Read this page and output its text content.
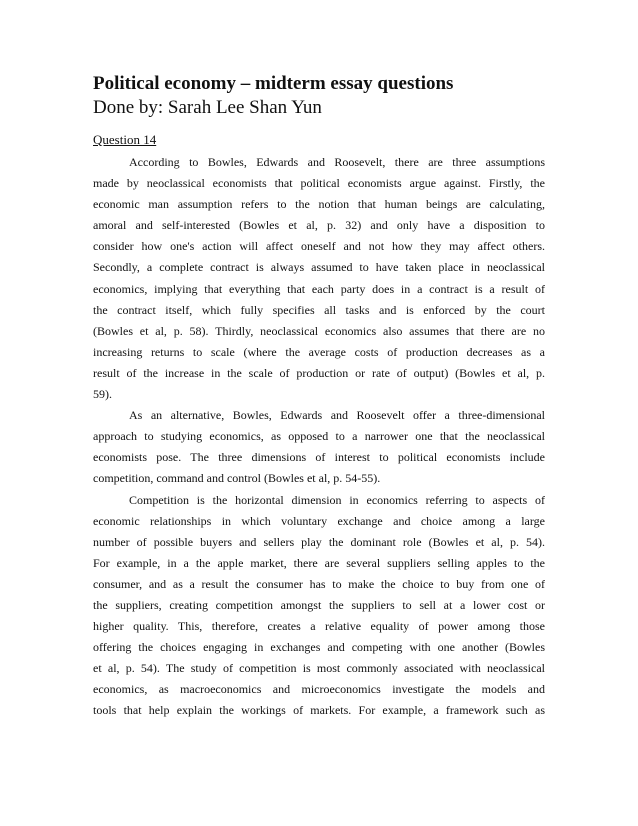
Political economy – midterm essay questions
Done by: Sarah Lee Shan Yun
Question 14
According to Bowles, Edwards and Roosevelt, there are three assumptions
made by neoclassical economists that political economists argue against. Firstly, the
economic man assumption refers to the notion that human beings are calculating,
amoral and self-interested (Bowles et al, p. 32) and only have a disposition to
consider how one's action will affect oneself and not how they may affect others.
Secondly, a complete contract is always assumed to have taken place in neoclassical
economics, implying that everything that each party does in a contract is a result of
the contract itself, which fully specifies all tasks and is enforced by the court
(Bowles et al, p. 58). Thirdly, neoclassical economics also assumes that there are no
increasing returns to scale (where the average costs of production decreases as a
result of the increase in the scale of production or rate of output) (Bowles et al, p.
59).
As an alternative, Bowles, Edwards and Roosevelt offer a three-dimensional
approach to studying economics, as opposed to a narrower one that the neoclassical
economists pose. The three dimensions of interest to political economists include
competition, command and control (Bowles et al, p. 54-55).
Competition is the horizontal dimension in economics referring to aspects of
economic relationships in which voluntary exchange and choice among a large
number of possible buyers and sellers play the dominant role (Bowles et al, p. 54).
For example, in a the apple market, there are several suppliers selling apples to the
consumer, and as a result the consumer has to make the choice to buy from one of
the suppliers, creating competition amongst the suppliers to sell at a lower cost or
higher quality. This, therefore, creates a relative equality of power among those
offering the choices engaging in exchanges and competing with one another (Bowles
et al, p. 54). The study of competition is most commonly associated with neoclassical
economics, as macroeconomics and microeconomics investigate the models and
tools that help explain the workings of markets. For example, a framework such as
